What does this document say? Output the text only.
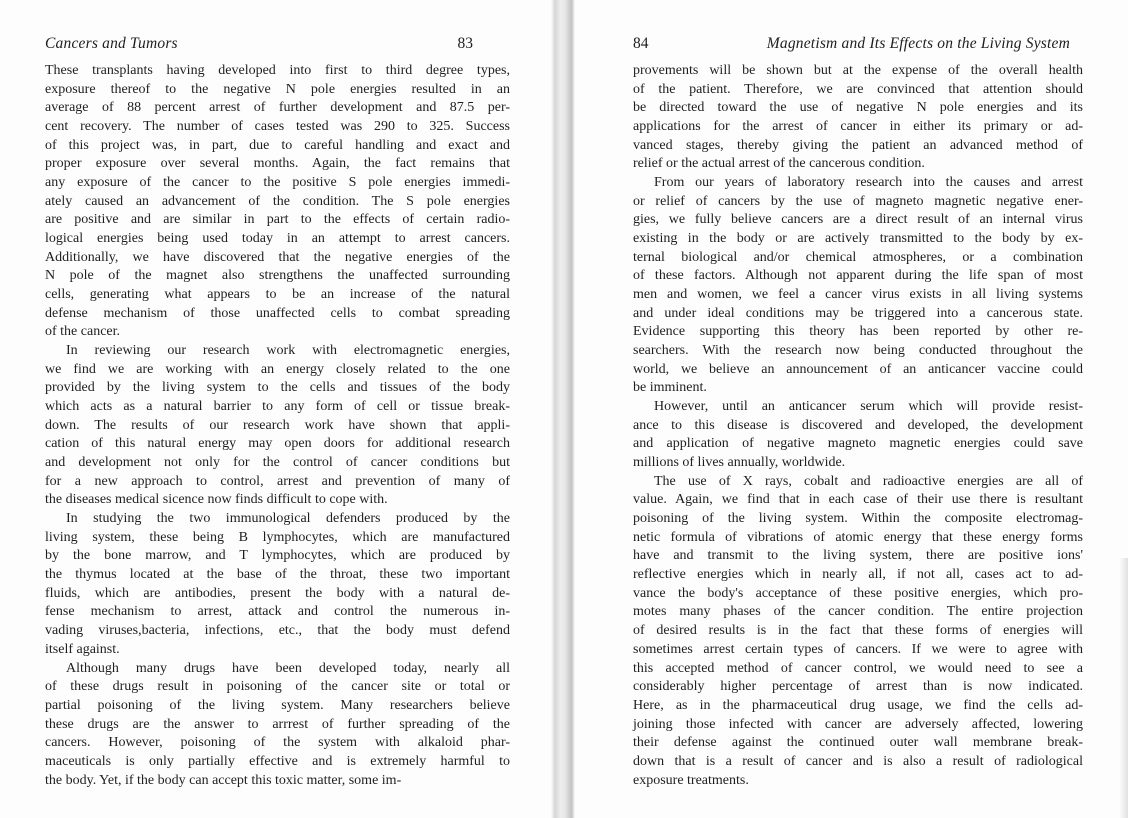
Cancers and Tumors	83

These transplants having developed into first to third degree types,
exposure thereof to the negative N pole energies resulted in an
average of 88 percent arrest of further development and 87.5 per-
cent recovery. The number of cases tested was 290 to 325. Success
of this project was, in part, due to careful handling and exact and
proper exposure over several months. Again, the fact remains that
any exposure of the cancer to the positive S pole energies immedi-
ately caused an advancement of the condition. The S pole energies
are positive and are similar in part to the effects of certain radio-
logical energies being used today in an attempt to arrest cancers.
Additionally, we have discovered that the negative energies of the
N pole of the magnet also strengthens the unaffected surrounding
cells, generating what appears to be an increase of the natural
defense mechanism of those unaffected cells to combat spreading
of the cancer.

In reviewing our research work with electromagnetic energies,
we find we are working with an energy closely related to the one
provided by the living system to the cells and tissues of the body
which acts as a natural barrier to any form of cell or tissue break-
down. The results of our research work have shown that appli-
cation of this natural energy may open doors for additional research
and development not only for the control of cancer conditions but
for a new approach to control, arrest and prevention of many of
the diseases medical sicence now finds difficult to cope with.

In studying the two immunological defenders produced by the
living system, these being B lymphocytes, which are manufactured
by the bone marrow, and T lymphocytes, which are produced by
the thymus located at the base of the throat, these two important
fluids, which are antibodies, present the body with a natural de-
fense mechanism to arrest, attack and control the numerous in-
vading viruses,bacteria, infections, etc., that the body must defend
itself against.

Although many drugs have been developed today, nearly all
of these drugs result in poisoning of the cancer site or total or
partial poisoning of the living system. Many researchers believe
these drugs are the answer to arrrest of further spreading of the
cancers. However, poisoning of the system with alkaloid phar-
maceuticals is only partially effective and is extremely harmful to
the body. Yet, if the body can accept this toxic matter, some im-

84	Magnetism and Its Effects on the Living System

provements will be shown but at the expense of the overall health
of the patient. Therefore, we are convinced that attention should
be directed toward the use of negative N pole energies and its
applications for the arrest of cancer in either its primary or ad-
vanced stages, thereby giving the patient an advanced method of
relief or the actual arrest of the cancerous condition.

From our years of laboratory research into the causes and arrest
or relief of cancers by the use of magneto magnetic negative ener-
gies, we fully believe cancers are a direct result of an internal virus
existing in the body or are actively transmitted to the body by ex-
ternal biological and/or chemical atmospheres, or a combination
of these factors. Although not apparent during the life span of most
men and women, we feel a cancer virus exists in all living systems
and under ideal conditions may be triggered into a cancerous state.
Evidence supporting this theory has been reported by other re-
searchers. With the research now being conducted throughout the
world, we believe an announcement of an anticancer vaccine could
be imminent.

However, until an anticancer serum which will provide resist-
ance to this disease is discovered and developed, the development
and application of negative magneto magnetic energies could save
millions of lives annually, worldwide.

The use of X rays, cobalt and radioactive energies are all of
value. Again, we find that in each case of their use there is resultant
poisoning of the living system. Within the composite electromag-
netic formula of vibrations of atomic energy that these energy forms
have and transmit to the living system, there are positive ions'
reflective energies which in nearly all, if not all, cases act to ad-
vance the body's acceptance of these positive energies, which pro-
motes many phases of the cancer condition. The entire projection
of desired results is in the fact that these forms of energies will
sometimes arrest certain types of cancers. If we were to agree with
this accepted method of cancer control, we would need to see a
considerably higher percentage of arrest than is now indicated.
Here, as in the pharmaceutical drug usage, we find the cells ad-
joining those infected with cancer are adversely affected, lowering
their defense against the continued outer wall membrane break-
down that is a result of cancer and is also a result of radiological
exposure treatments.
